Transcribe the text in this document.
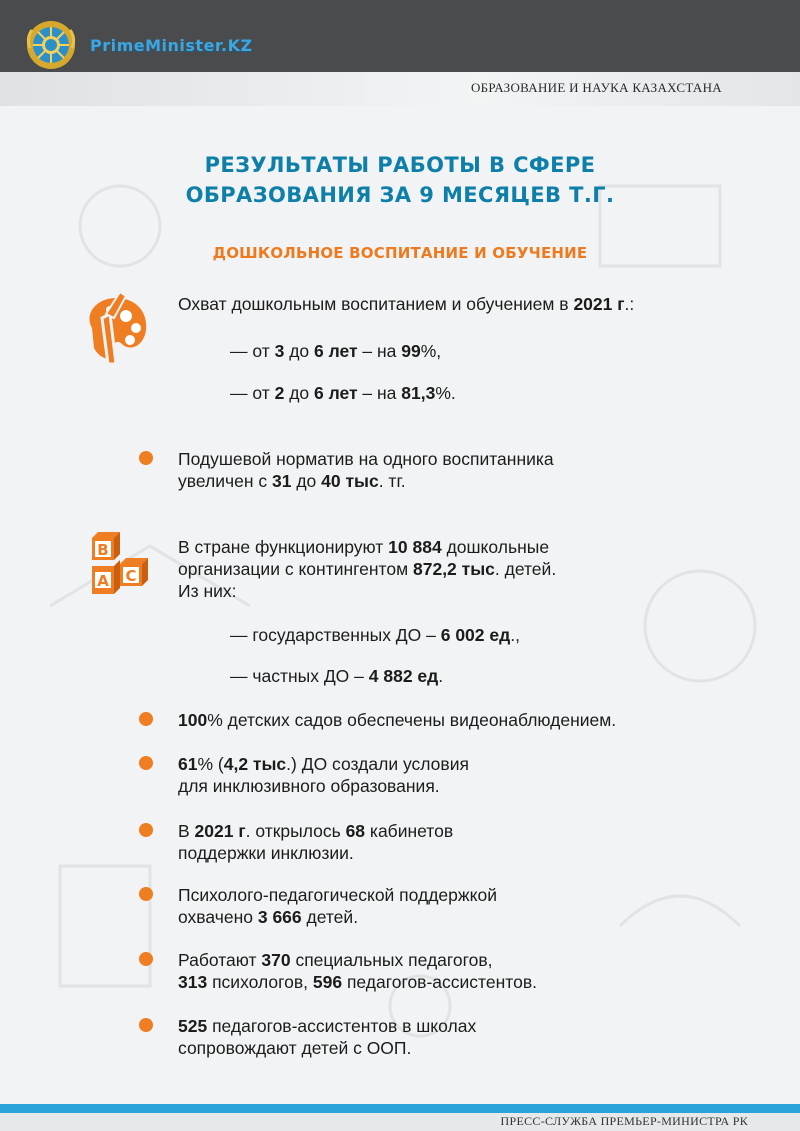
PrimeMinister.KZ
ОБРАЗОВАНИЕ И НАУКА КАЗАХСТАНА
РЕЗУЛЬТАТЫ РАБОТЫ В СФЕРЕ
ОБРАЗОВАНИЯ ЗА 9 МЕСЯЦЕВ Т.Г.
ДОШКОЛЬНОЕ ВОСПИТАНИЕ И ОБУЧЕНИЕ
Охват дошкольным воспитанием и обучением в 2021 г.:
— от 3 до 6 лет – на 99%,
— от 2 до 6 лет – на 81,3%.
Подушевой норматив на одного воспитанника
увеличен с 31 до 40 тыс. тг.
B
C
A
В стране функционируют 10 884 дошкольные
организации с контингентом 872,2 тыс. детей.
Из них:
— государственных ДО – 6 002 ед.,
— частных ДО – 4 882 ед.
100% детских садов обеспечены видеонаблюдением.
61% (4,2 тыс.) ДО создали условия
для инклюзивного образования.
В 2021 г. открылось 68 кабинетов
поддержки инклюзии.
Психолого-педагогической поддержкой
охвачено 3 666 детей.
Работают 370 специальных педагогов,
313 психологов, 596 педагогов-ассистентов.
525 педагогов-ассистентов в школах
сопровождают детей с ООП.
ПРЕСС-СЛУЖБА ПРЕМЬЕР-МИНИСТРА РК
